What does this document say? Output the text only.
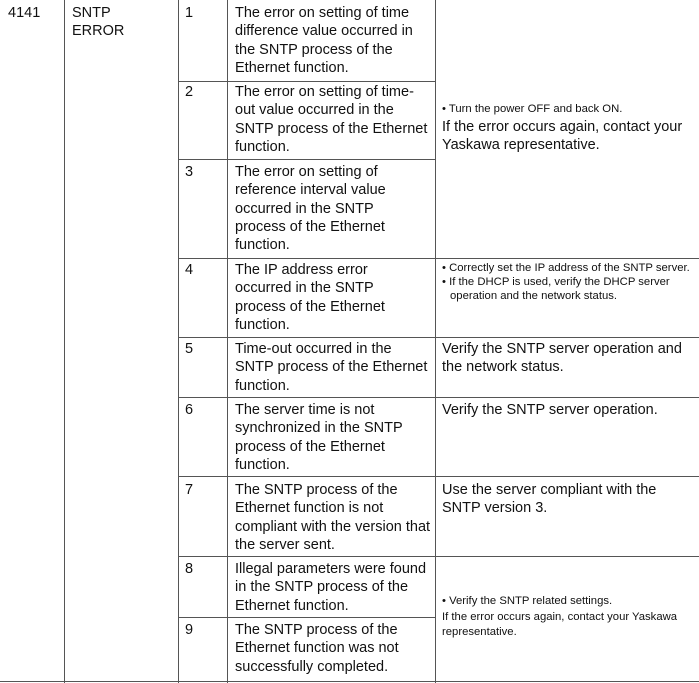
4141 SNTP
ERROR
1
2
3
4
5
6
7
8
9
The error on setting of time difference value occurred in the SNTP process of the Ethernet function.
The error on setting of time-out value occurred in the SNTP process of the Ethernet function.
The error on setting of reference interval value occurred in the SNTP process of the Ethernet function.
The IP address error occurred in the SNTP process of the Ethernet function.
Time-out occurred in the SNTP process of the Ethernet function.
The server time is not synchronized in the SNTP process of the Ethernet function.
The SNTP process of the Ethernet function is not compliant with the version that the server sent.
Illegal parameters were found in the SNTP process of the Ethernet function.
The SNTP process of the Ethernet function was not successfully completed.
• Turn the power OFF and back ON.
If the error occurs again, contact your Yaskawa representative.
• Correctly set the IP address of the SNTP server.
• If the DHCP is used, verify the DHCP server operation and the network status.
Verify the SNTP server operation and the network status.
Verify the SNTP server operation.
Use the server compliant with the SNTP version 3.
• Verify the SNTP related settings.
If the error occurs again, contact your Yaskawa representative.
